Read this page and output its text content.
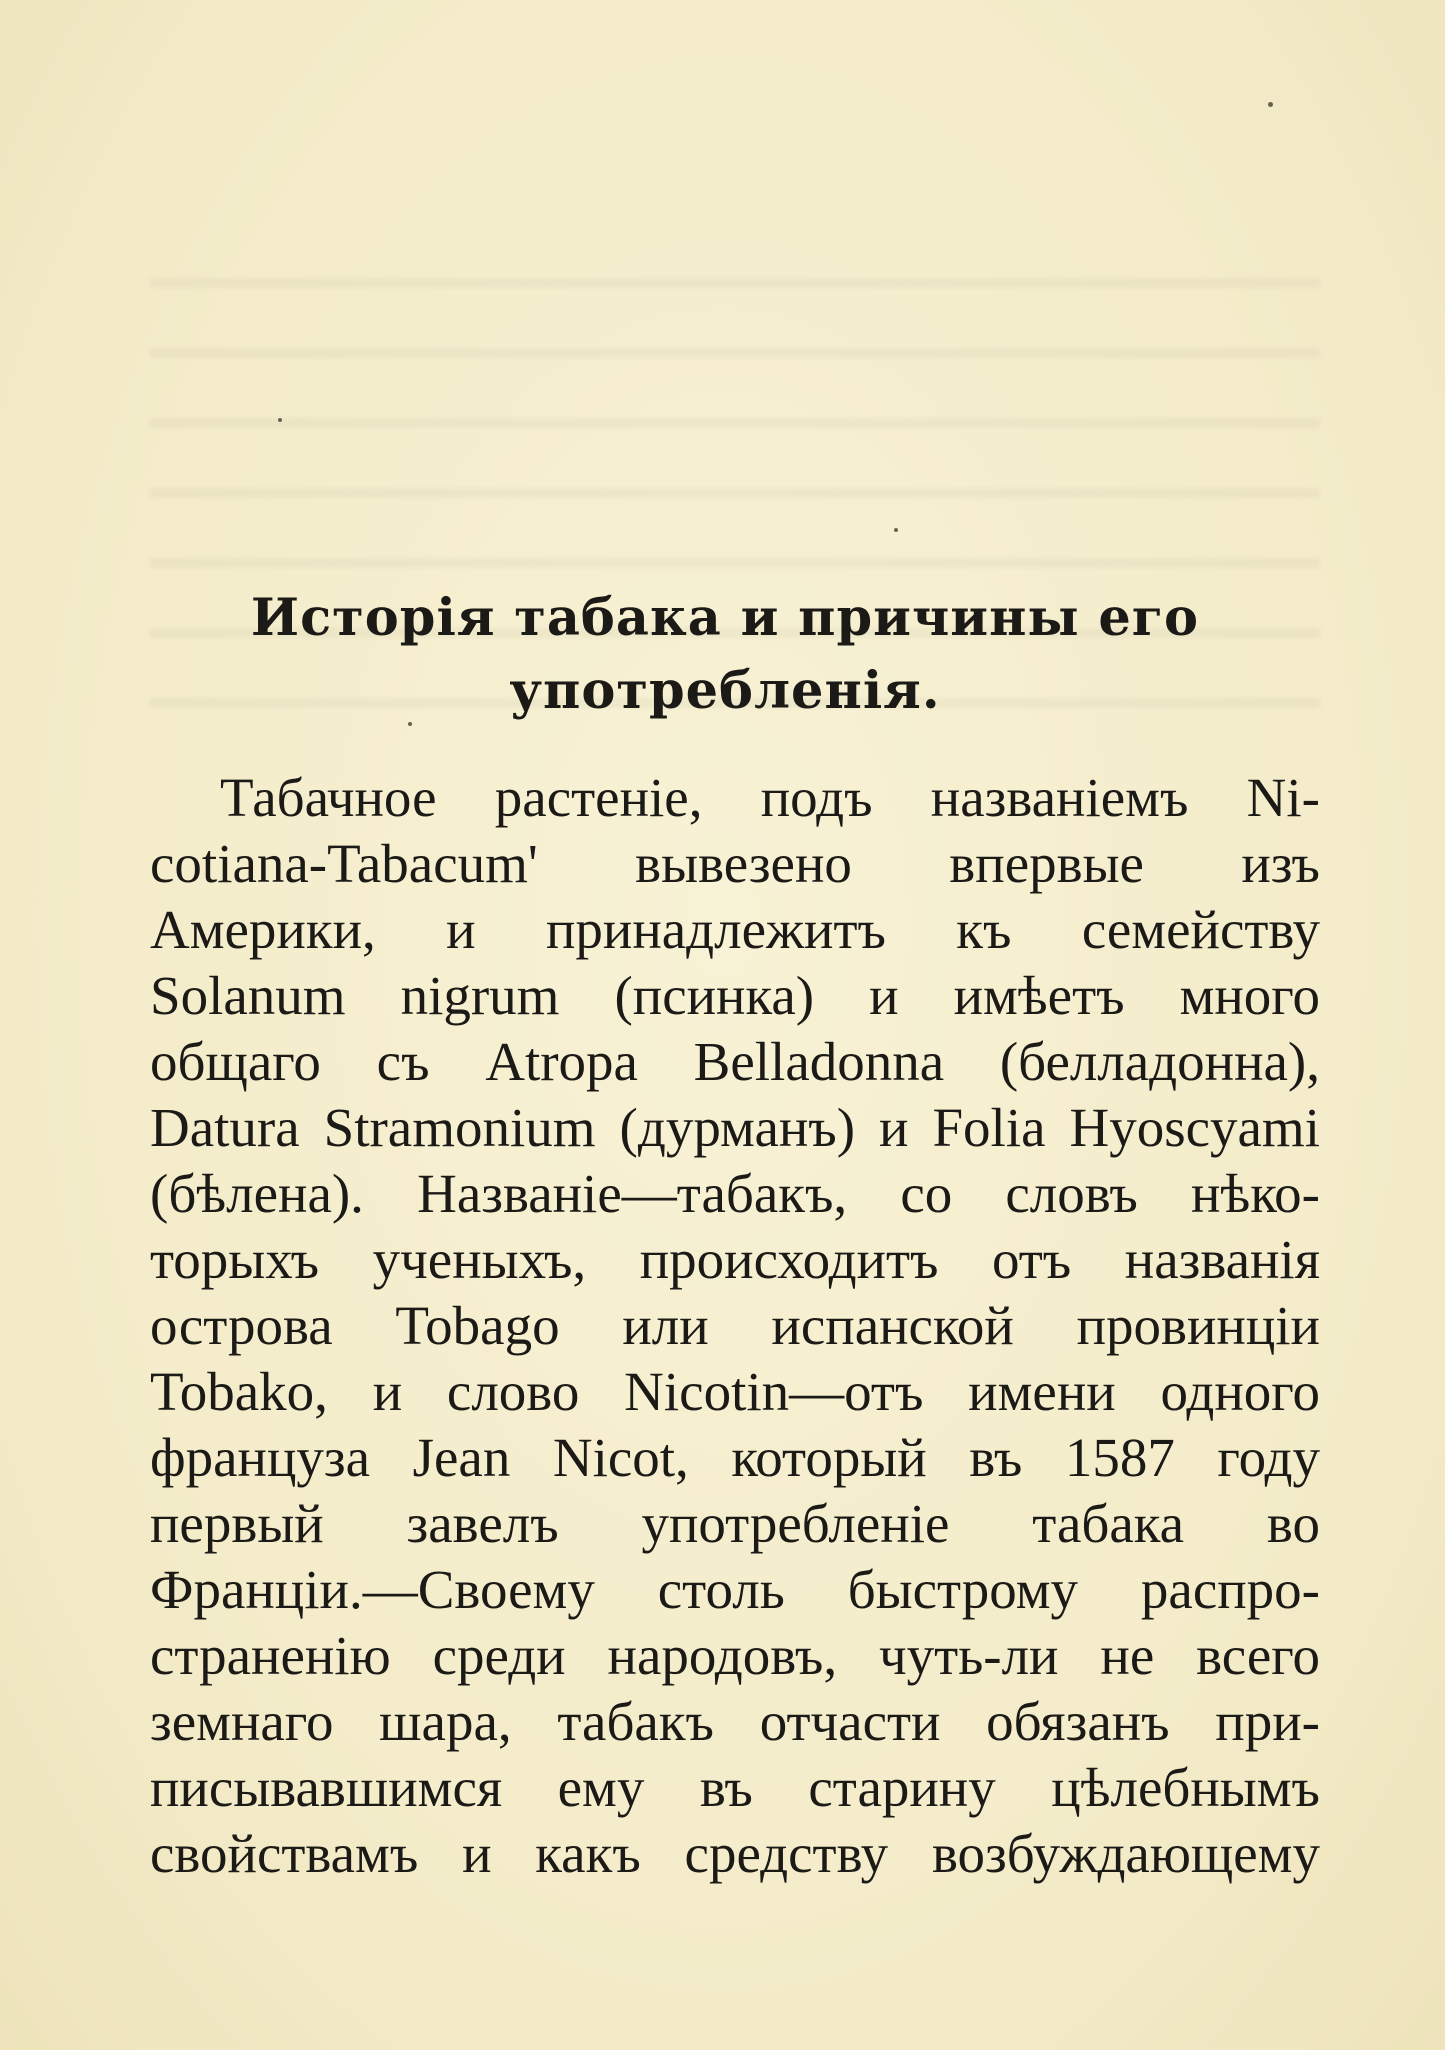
Исторія табака и причины его
употребленія.
Табачное растеніе, подъ названіемъ Ni-
cotiana-Tabacum' вывезено впервые изъ
Америки, и принадлежитъ къ семейству
Solanum nigrum (псинка) и имѣетъ много
общаго съ Atropa Belladonna (белладонна),
Datura Stramonium (дурманъ) и Folia Hyoscyami
(бѣлена). Названіе—табакъ, со словъ нѣко-
торыхъ ученыхъ, происходитъ отъ названія
острова Tobago или испанской провинціи
Tobako, и слово Nicotin—отъ имени одного
француза Jean Nicot, который въ 1587 году
первый завелъ употребленіе табака во
Франціи.—Своему столь быстрому распро-
страненію среди народовъ, чуть-ли не всего
земнаго шара, табакъ отчасти обязанъ при-
писывавшимся ему въ старину цѣлебнымъ
свойствамъ и какъ средству возбуждающему
